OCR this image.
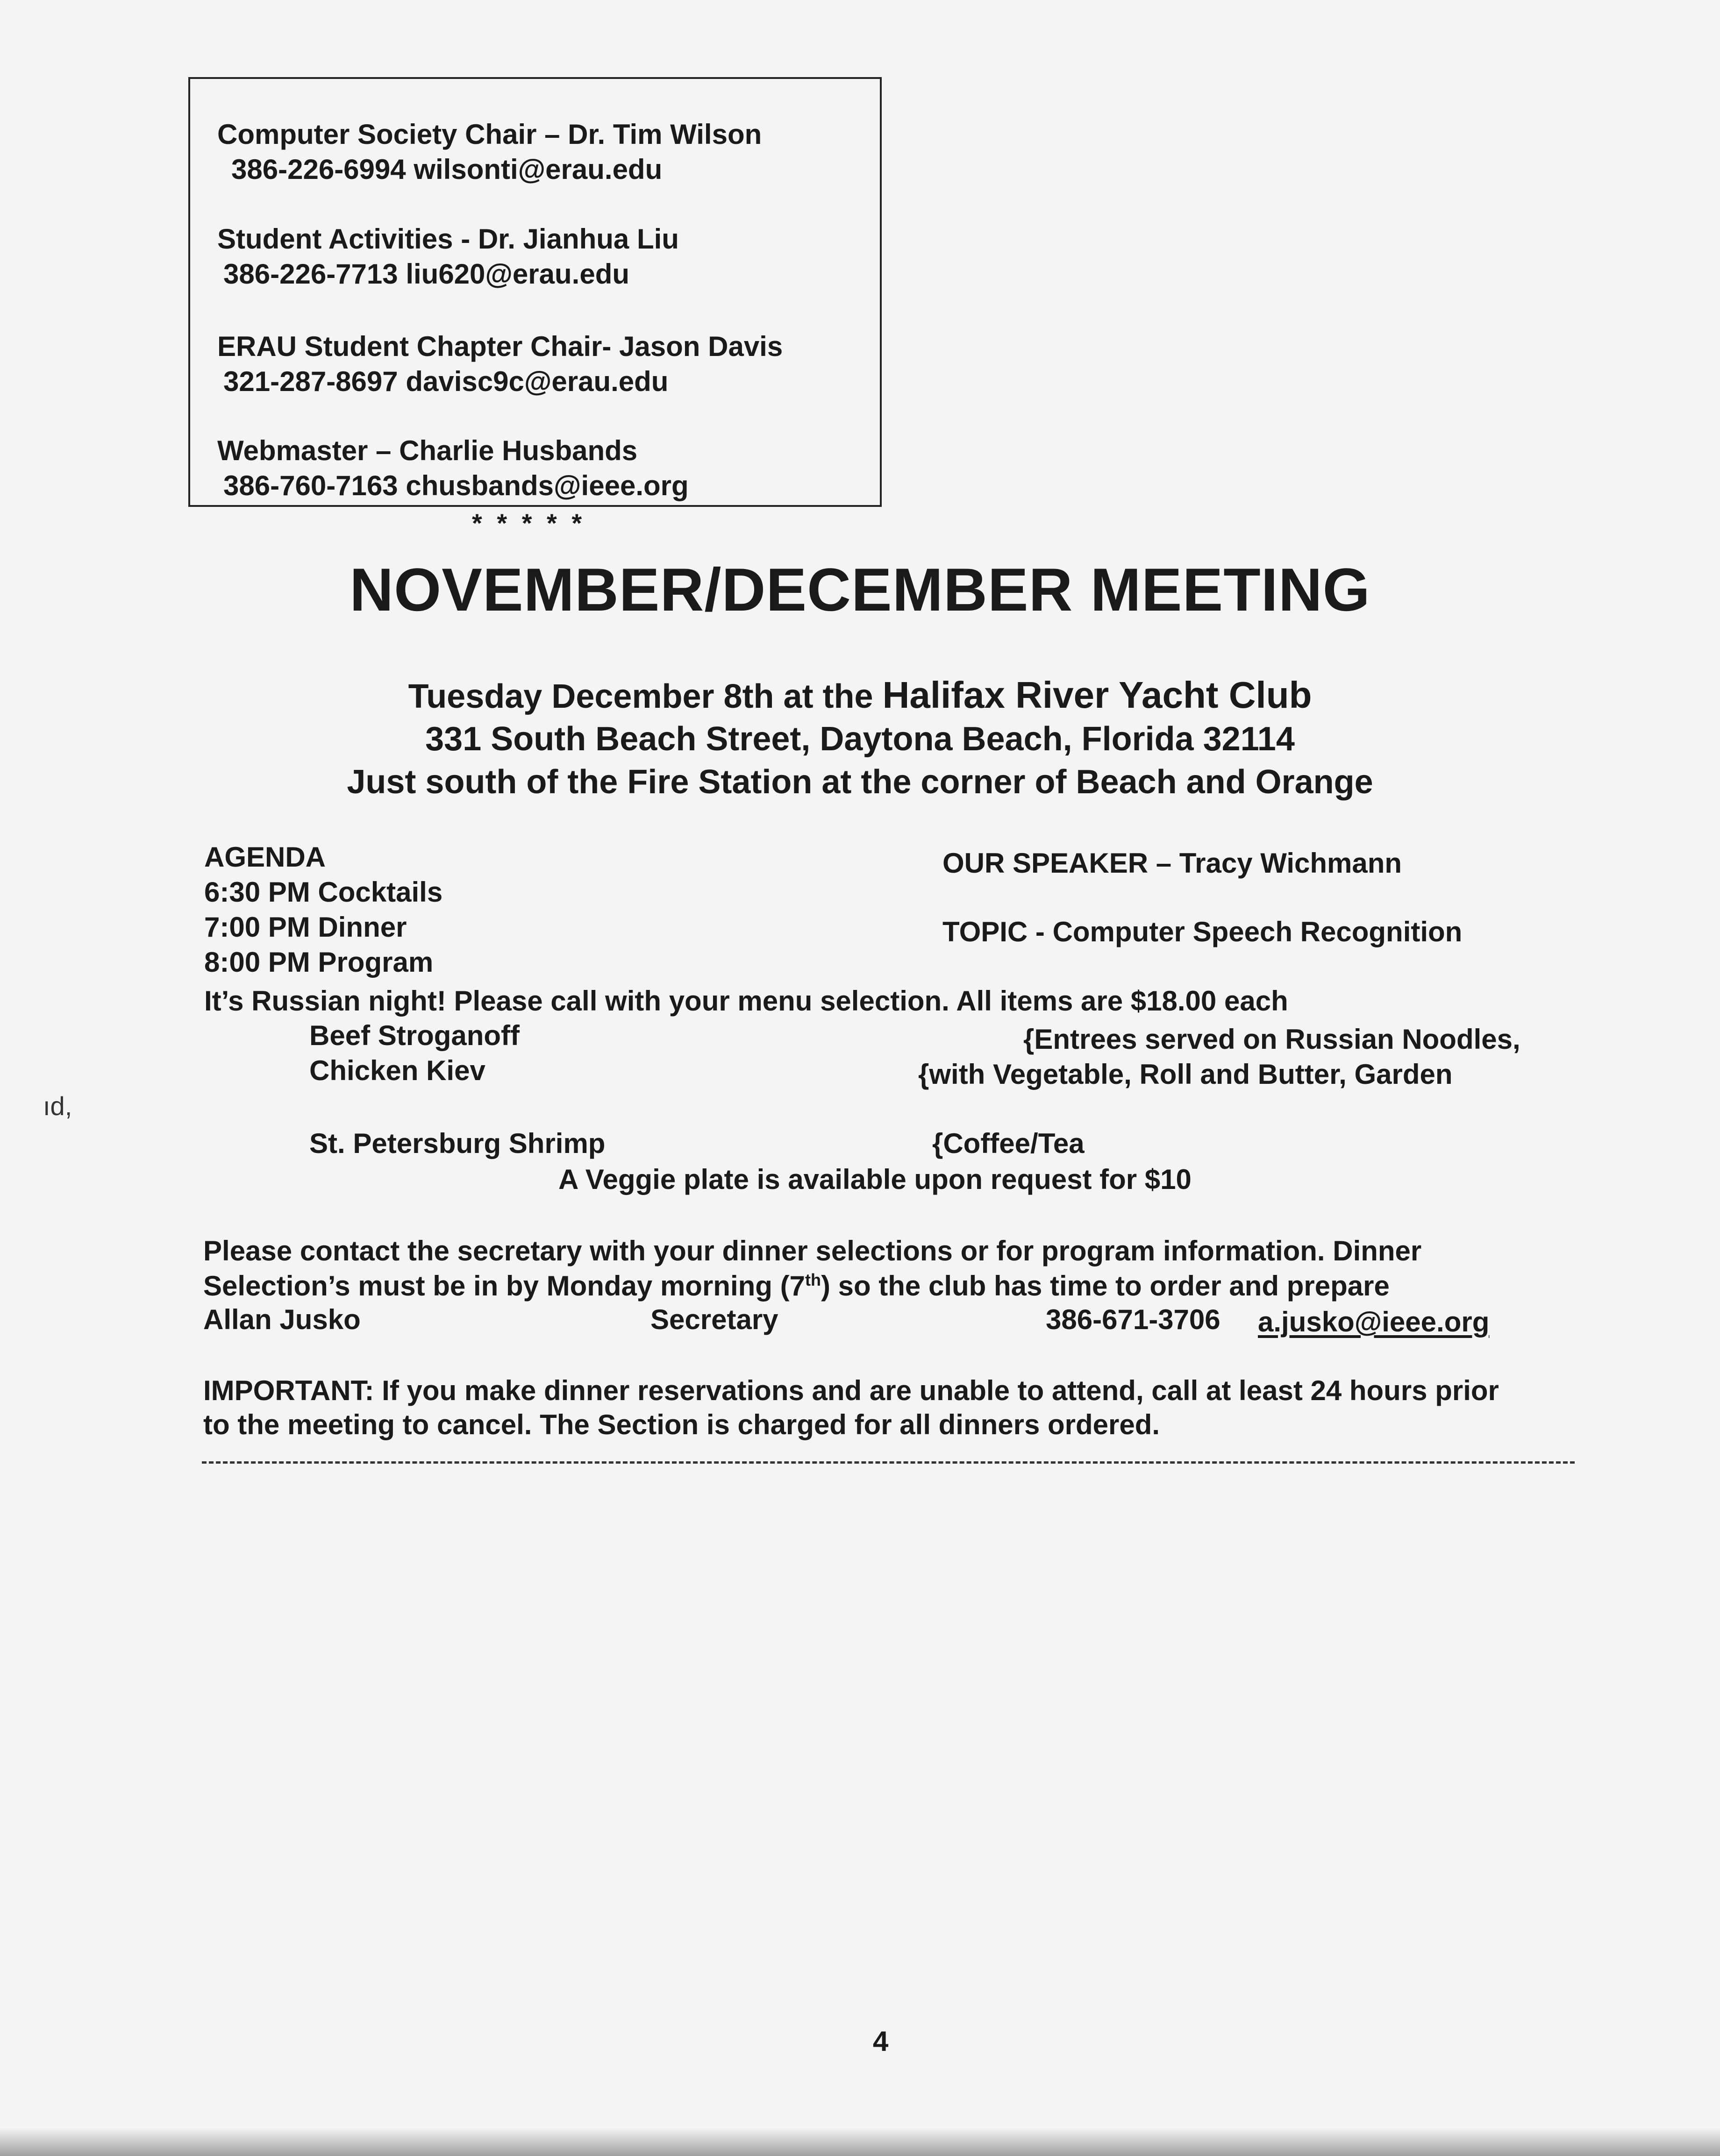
Computer Society Chair – Dr. Tim Wilson
386-226-6994 wilsonti@erau.edu
Student Activities - Dr. Jianhua Liu
386-226-7713 liu620@erau.edu
ERAU Student Chapter Chair- Jason Davis
321-287-8697 davisc9c@erau.edu
Webmaster – Charlie Husbands
386-760-7163 chusbands@ieee.org
* * * * *
NOVEMBER/DECEMBER MEETING
Tuesday December 8th at the Halifax River Yacht Club
331 South Beach Street, Daytona Beach, Florida 32114
Just south of the Fire Station at the corner of Beach and Orange
AGENDA
6:30 PM Cocktails
7:00 PM Dinner
8:00 PM Program
OUR SPEAKER – Tracy Wichmann
TOPIC - Computer Speech Recognition
It’s Russian night! Please call with your menu selection. All items are $18.00 each
Beef Stroganoff
Chicken Kiev
St. Petersburg Shrimp
{Entrees served on Russian Noodles,
{with Vegetable, Roll and Butter, Garden
{Coffee/Tea
A Veggie plate is available upon request for $10
Please contact the secretary with your dinner selections or for program information. Dinner
Selection’s must be in by Monday morning (7th) so the club has time to order and prepare
Allan Jusko	Secretary	386-671-3706 a.jusko@ieee.org
IMPORTANT: If you make dinner reservations and are unable to attend, call at least 24 hours prior
to the meeting to cancel. The Section is charged for all dinners ordered.
ıd,
4
